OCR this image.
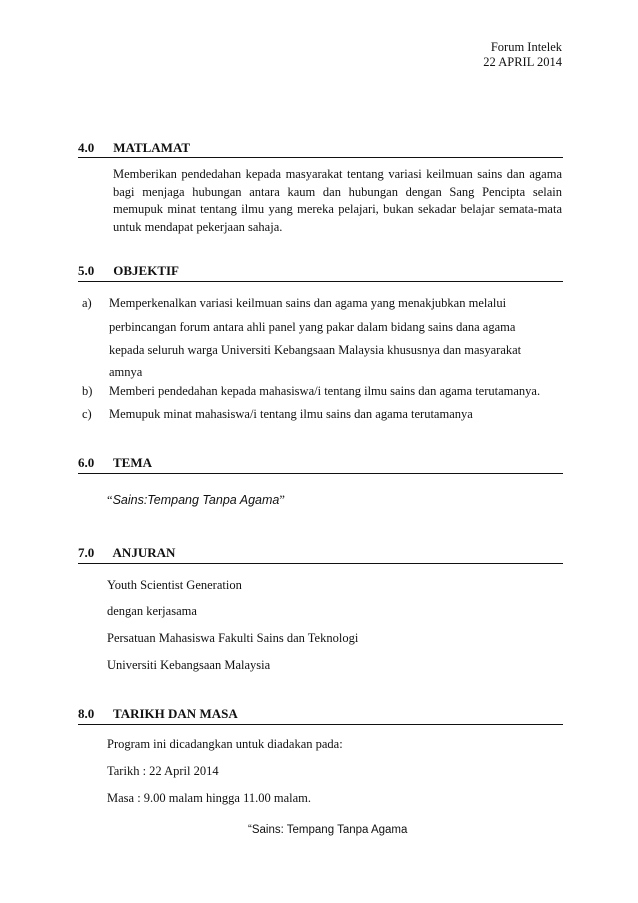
Forum Intelek
22 APRIL 2014
4.0 MATLAMAT
Memberikan pendedahan kepada masyarakat tentang variasi keilmuan sains dan agama bagi menjaga hubungan antara kaum dan hubungan dengan Sang Pencipta selain memupuk minat tentang ilmu yang mereka pelajari, bukan sekadar belajar semata-mata untuk mendapat pekerjaan sahaja.
5.0 OBJEKTIF
a) Memperkenalkan variasi keilmuan sains dan agama yang menakjubkan melalui
perbincangan forum antara ahli panel yang pakar dalam bidang sains dana agama
kepada seluruh warga Universiti Kebangsaan Malaysia khususnya dan masyarakat
amnya
b) Memberi pendedahan kepada mahasiswa/i tentang ilmu sains dan agama terutamanya.
c) Memupuk minat mahasiswa/i tentang ilmu sains dan agama terutamanya
6.0 TEMA
“Sains:Tempang Tanpa Agama”
7.0 ANJURAN
Youth Scientist Generation
dengan kerjasama
Persatuan Mahasiswa Fakulti Sains dan Teknologi
Universiti Kebangsaan Malaysia
8.0 TARIKH DAN MASA
Program ini dicadangkan untuk diadakan pada:
Tarikh : 22 April 2014
Masa : 9.00 malam hingga 11.00 malam.
“Sains: Tempang Tanpa Agama
